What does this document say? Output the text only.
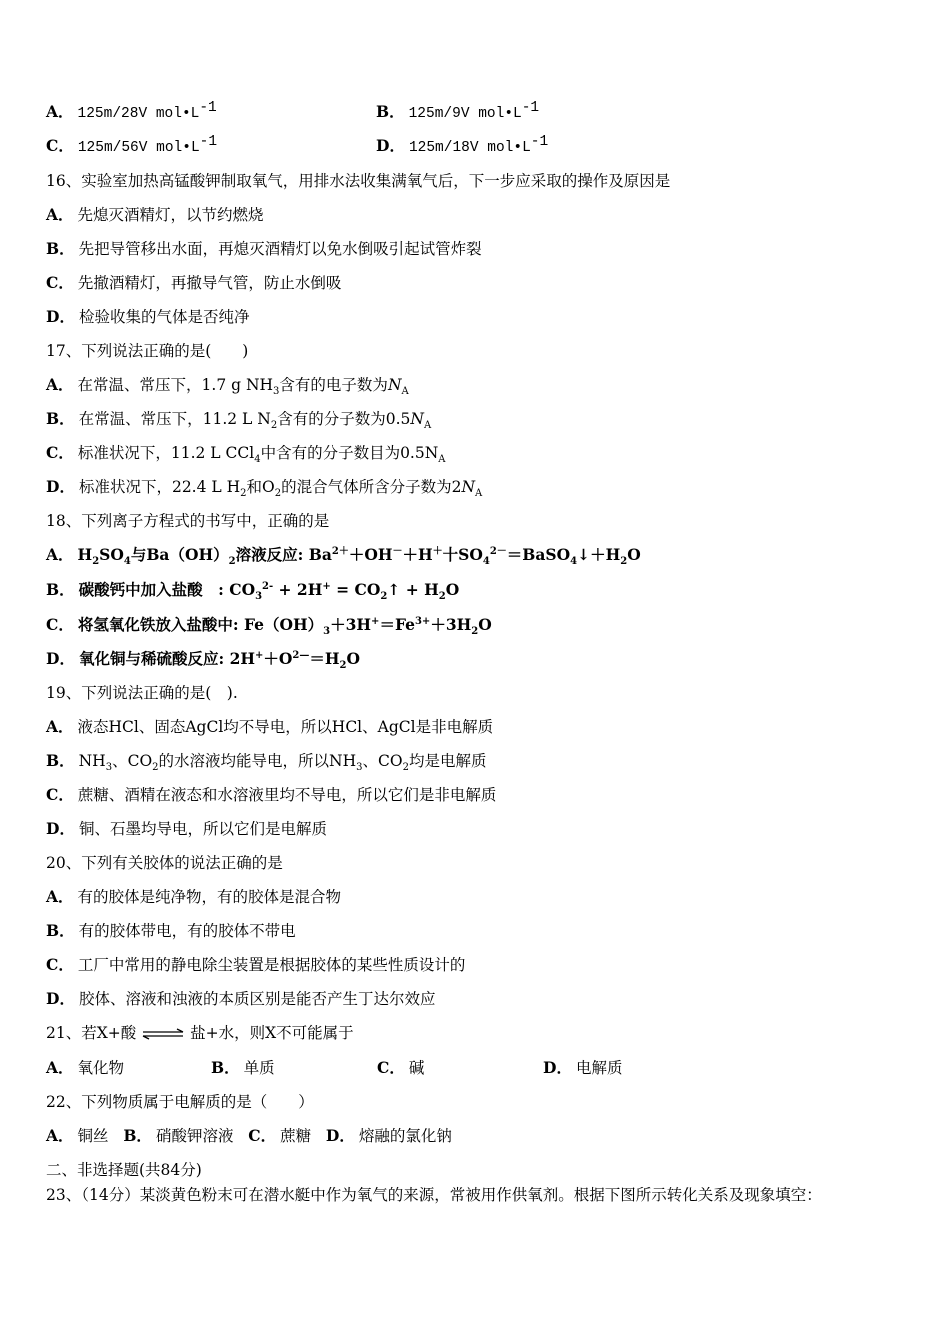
A． 125m/28V $mol•L^{-1}$	B． 125m/9V $mol•L^{-1}$
C． 125m/56V $mol•L^{-1}$	D． 125m/18V $mol•L^{-1}$
16、实验室加热高锰酸钾制取氧气，用排水法收集满氧气后，下一步应采取的操作及原因是
A． 先熄灭酒精灯，以节约燃烧
B． 先把导管移出水面，再熄灭酒精灯以免水倒吸引起试管炸裂
C． 先撤酒精灯，再撤导气管，防止水倒吸
D． 检验收集的气体是否纯净
17、下列说法正确的是(　　)
A． 在常温、常压下，1.7 g $NH_3$含有的电子数为$N_A$
B． 在常温、常压下，11.2 L $N_2$含有的分子数为$0.5N_A$
C． 标准状况下，11.2 L CCl$_4$中含有的分子数目为$0.5N_A$
D． 标准状况下，22.4 L $H_2$和$O_2$的混合气体所含分子数为$2N_A$
18、下列离子方程式的书写中，正确的是
A． $H_2SO_4$与$Ba(OH)_2$溶液反应: $Ba^{2+}+OH^-+H^+$十$SO_4^{2-}=BaSO_4↓+H_2O$
B． 碳酸钙中加入盐酸　: $CO_3^{2-} + 2H^+$ = $CO_2↑ + H_2O$
C． 将氢氧化铁放入盐酸中: $Fe(OH)_3+3H^+=Fe^{3+}+3H_2O$
D． 氧化铜与稀硫酸反应: $2H^++O^{2—}=H_2O$
19、下列说法正确的是(　).
A． 液态HCl、固态AgCl均不导电，所以HCl、AgCl是非电解质
B． $NH_3$、$CO_2$的水溶液均能导电，所以$NH_3$、$CO_2$均是电解质
C． 蔗糖、酒精在液态和水溶液里均不导电，所以它们是非电解质
D． 铜、石墨均导电，所以它们是电解质
20、下列有关胶体的说法正确的是
A． 有的胶体是纯净物，有的胶体是混合物
B． 有的胶体带电，有的胶体不带电
C． 工厂中常用的静电除尘装置是根据胶体的某些性质设计的
D． 胶体、溶液和浊液的本质区别是能否产生丁达尔效应
21、若X+酸 ⇌ 盐+水，则X不可能属于
A． 氧化物	B． 单质	C． 碱	D． 电解质
22、下列物质属于电解质的是（　　）
A． 铜丝 B． 硝酸钾溶液 C． 蔗糖 D． 熔融的氯化钠
二、非选择题(共84分)
23、（14分）某淡黄色粉末可在潜水艇中作为氧气的来源，常被用作供氧剂。根据下图所示转化关系及现象填空：
